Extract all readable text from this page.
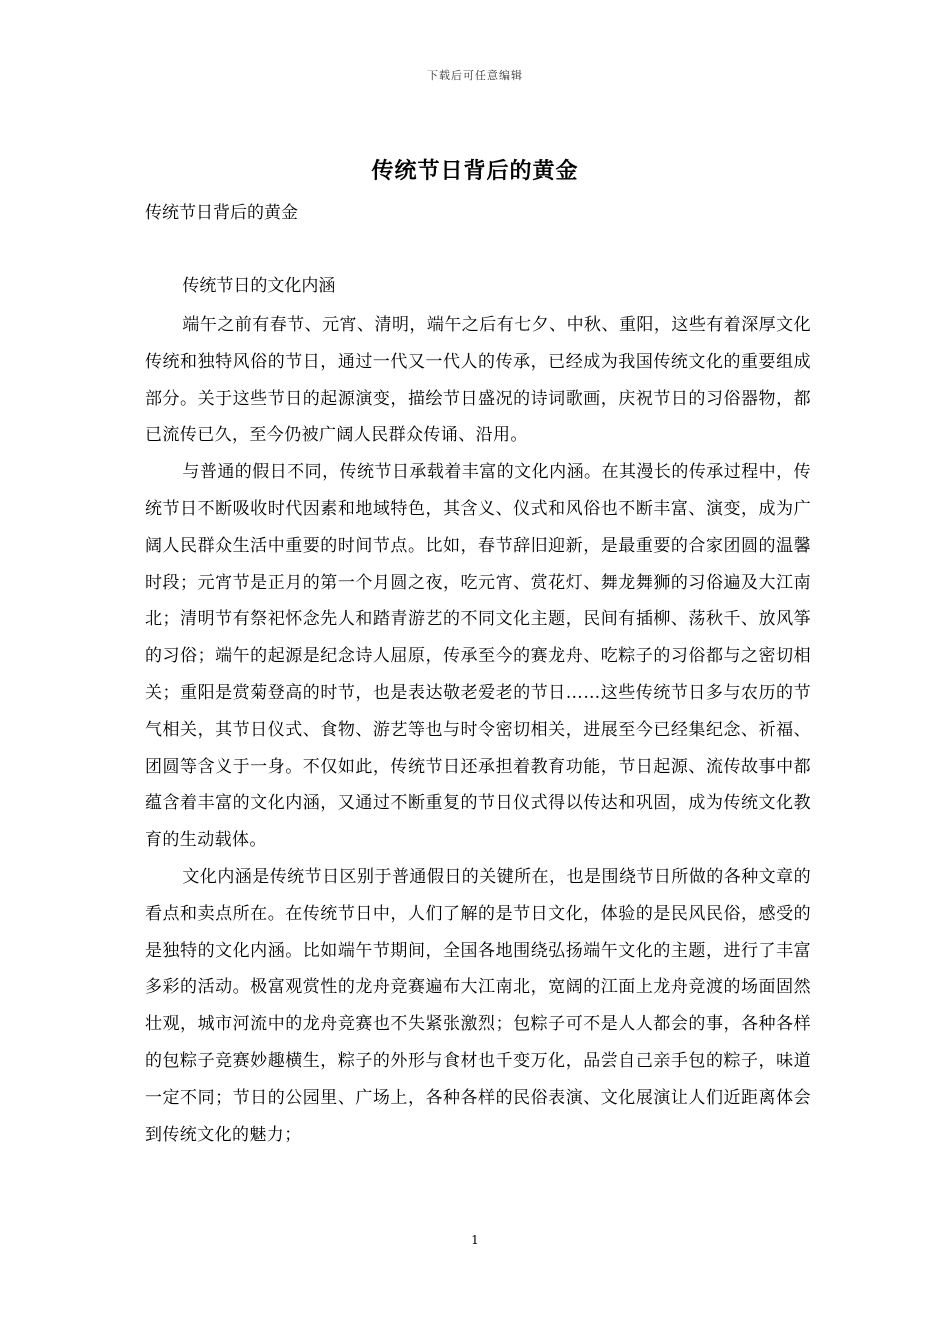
下载后可任意编辑
传统节日背后的黄金
传统节日背后的黄金

传统节日的文化内涵

端午之前有春节、元宵、清明，端午之后有七夕、中秋、重阳，这些有着深厚文化传统和独特风俗的节日，通过一代又一代人的传承，已经成为我国传统文化的重要组成部分。关于这些节日的起源演变，描绘节日盛况的诗词歌画，庆祝节日的习俗器物，都已流传已久，至今仍被广阔人民群众传诵、沿用。

与普通的假日不同，传统节日承载着丰富的文化内涵。在其漫长的传承过程中，传统节日不断吸收时代因素和地域特色，其含义、仪式和风俗也不断丰富、演变，成为广阔人民群众生活中重要的时间节点。比如，春节辞旧迎新，是最重要的合家团圆的温馨时段；元宵节是正月的第一个月圆之夜，吃元宵、赏花灯、舞龙舞狮的习俗遍及大江南北；清明节有祭祀怀念先人和踏青游艺的不同文化主题，民间有插柳、荡秋千、放风筝的习俗；端午的起源是纪念诗人屈原，传承至今的赛龙舟、吃粽子的习俗都与之密切相关；重阳是赏菊登高的时节，也是表达敬老爱老的节日……这些传统节日多与农历的节气相关，其节日仪式、食物、游艺等也与时令密切相关，进展至今已经集纪念、祈福、团圆等含义于一身。不仅如此，传统节日还承担着教育功能，节日起源、流传故事中都蕴含着丰富的文化内涵，又通过不断重复的节日仪式得以传达和巩固，成为传统文化教育的生动载体。

文化内涵是传统节日区别于普通假日的关键所在，也是围绕节日所做的各种文章的看点和卖点所在。在传统节日中，人们了解的是节日文化，体验的是民风民俗，感受的是独特的文化内涵。比如端午节期间，全国各地围绕弘扬端午文化的主题，进行了丰富多彩的活动。极富观赏性的龙舟竞赛遍布大江南北，宽阔的江面上龙舟竞渡的场面固然壮观，城市河流中的龙舟竞赛也不失紧张激烈；包粽子可不是人人都会的事，各种各样的包粽子竞赛妙趣横生，粽子的外形与食材也千变万化，品尝自己亲手包的粽子，味道一定不同；节日的公园里、广场上，各种各样的民俗表演、文化展演让人们近距离体会到传统文化的魅力；

1
